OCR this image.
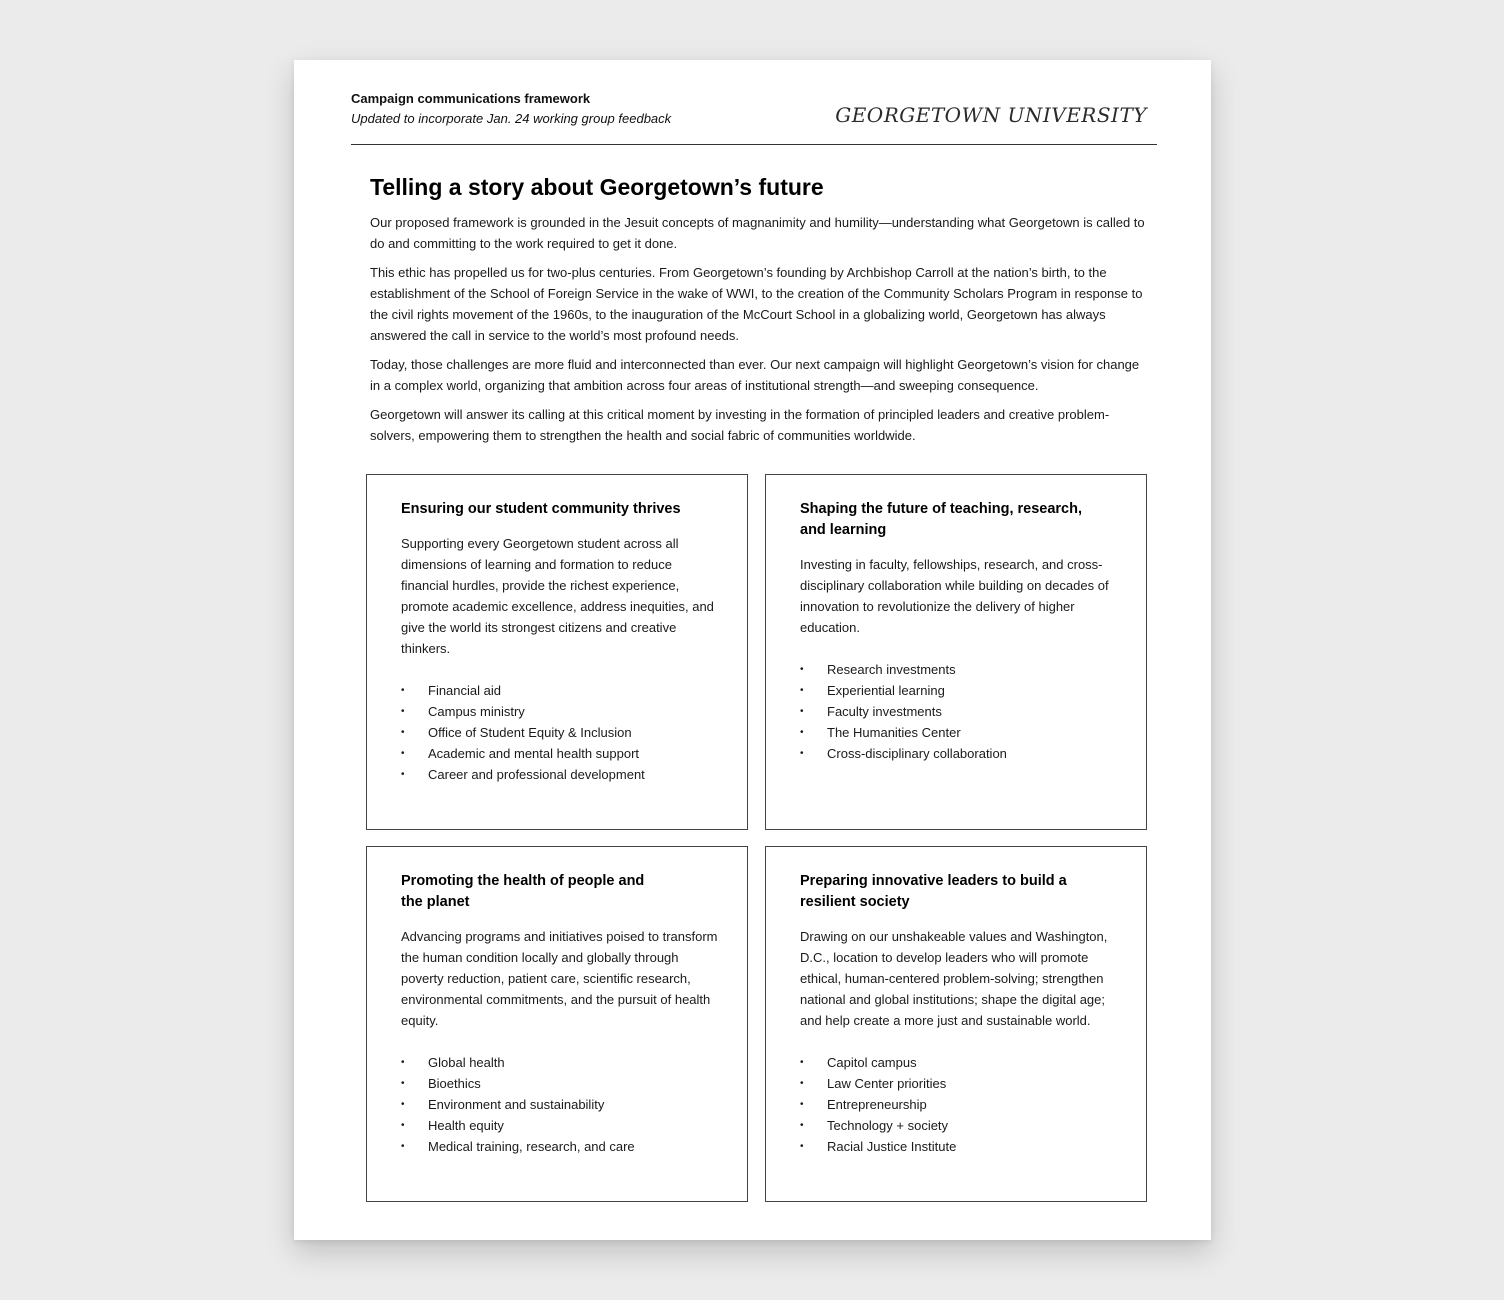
Campaign communications framework
Updated to incorporate Jan. 24 working group feedback	GEORGETOWN UNIVERSITY
Telling a story about Georgetown’s future

Our proposed framework is grounded in the Jesuit concepts of magnanimity and humility—understanding what Georgetown is called to do and committing to the work required to get it done.

This ethic has propelled us for two-plus centuries. From Georgetown’s founding by Archbishop Carroll at the nation’s birth, to the establishment of the School of Foreign Service in the wake of WWI, to the creation of the Community Scholars Program in response to the civil rights movement of the 1960s, to the inauguration of the McCourt School in a globalizing world, Georgetown has always answered the call in service to the world’s most profound needs.

Today, those challenges are more fluid and interconnected than ever. Our next campaign will highlight Georgetown’s vision for change in a complex world, organizing that ambition across four areas of institutional strength—and sweeping consequence.

Georgetown will answer its calling at this critical moment by investing in the formation of principled leaders and creative problem-solvers, empowering them to strengthen the health and social fabric of communities worldwide.

Ensuring our student community thrives
Supporting every Georgetown student across all dimensions of learning and formation to reduce financial hurdles, provide the richest experience, promote academic excellence, address inequities, and give the world its strongest citizens and creative thinkers.
• Financial aid
• Campus ministry
• Office of Student Equity & Inclusion
• Academic and mental health support
• Career and professional development
Shaping the future of teaching, research,
and learning
Investing in faculty, fellowships, research, and cross-disciplinary collaboration while building on decades of innovation to revolutionize the delivery of higher education.
• Research investments
• Experiential learning
• Faculty investments
• The Humanities Center
• Cross-disciplinary collaboration
Promoting the health of people and
the planet
Advancing programs and initiatives poised to transform the human condition locally and globally through poverty reduction, patient care, scientific research, environmental commitments, and the pursuit of health equity.
• Global health
• Bioethics
• Environment and sustainability
• Health equity
• Medical training, research, and care
Preparing innovative leaders to build a
resilient society
Drawing on our unshakeable values and Washington, D.C., location to develop leaders who will promote ethical, human-centered problem-solving; strengthen national and global institutions; shape the digital age; and help create a more just and sustainable world.
• Capitol campus
• Law Center priorities
• Entrepreneurship
• Technology + society
• Racial Justice Institute
